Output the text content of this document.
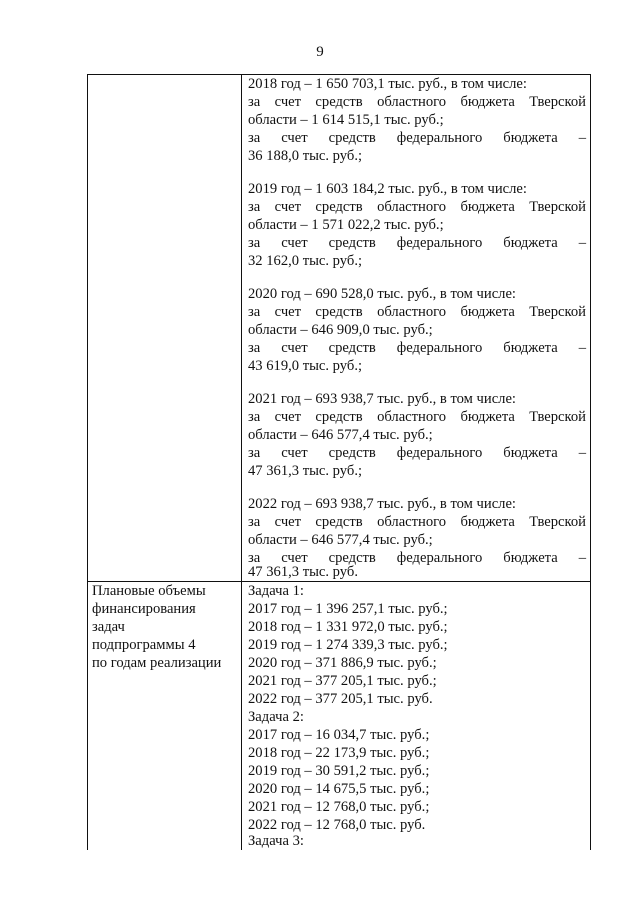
9
2018 год – 1 650 703,1 тыс. руб., в том числе:
за счет средств областного бюджета Тверской
области – 1 614 515,1 тыс. руб.;
за счет средств федерального бюджета –
36 188,0 тыс. руб.;
2019 год – 1 603 184,2 тыс. руб., в том числе:
за счет средств областного бюджета Тверской
области – 1 571 022,2 тыс. руб.;
за счет средств федерального бюджета –
32 162,0 тыс. руб.;
2020 год – 690 528,0 тыс. руб., в том числе:
за счет средств областного бюджета Тверской
области – 646 909,0 тыс. руб.;
за счет средств федерального бюджета –
43 619,0 тыс. руб.;
2021 год – 693 938,7 тыс. руб., в том числе:
за счет средств областного бюджета Тверской
области – 646 577,4 тыс. руб.;
за счет средств федерального бюджета –
47 361,3 тыс. руб.;
2022 год – 693 938,7 тыс. руб., в том числе:
за счет средств областного бюджета Тверской
области – 646 577,4 тыс. руб.;
за счет средств федерального бюджета –
47 361,3 тыс. руб.
Плановые объемы
финансирования
задач
подпрограммы 4
по годам реализации
Задача 1:
2017 год – 1 396 257,1 тыс. руб.;
2018 год – 1 331 972,0 тыс. руб.;
2019 год – 1 274 339,3 тыс. руб.;
2020 год – 371 886,9 тыс. руб.;
2021 год – 377 205,1 тыс. руб.;
2022 год – 377 205,1 тыс. руб.
Задача 2:
2017 год – 16 034,7 тыс. руб.;
2018 год – 22 173,9 тыс. руб.;
2019 год – 30 591,2 тыс. руб.;
2020 год – 14 675,5 тыс. руб.;
2021 год – 12 768,0 тыс. руб.;
2022 год – 12 768,0 тыс. руб.
Задача 3:
